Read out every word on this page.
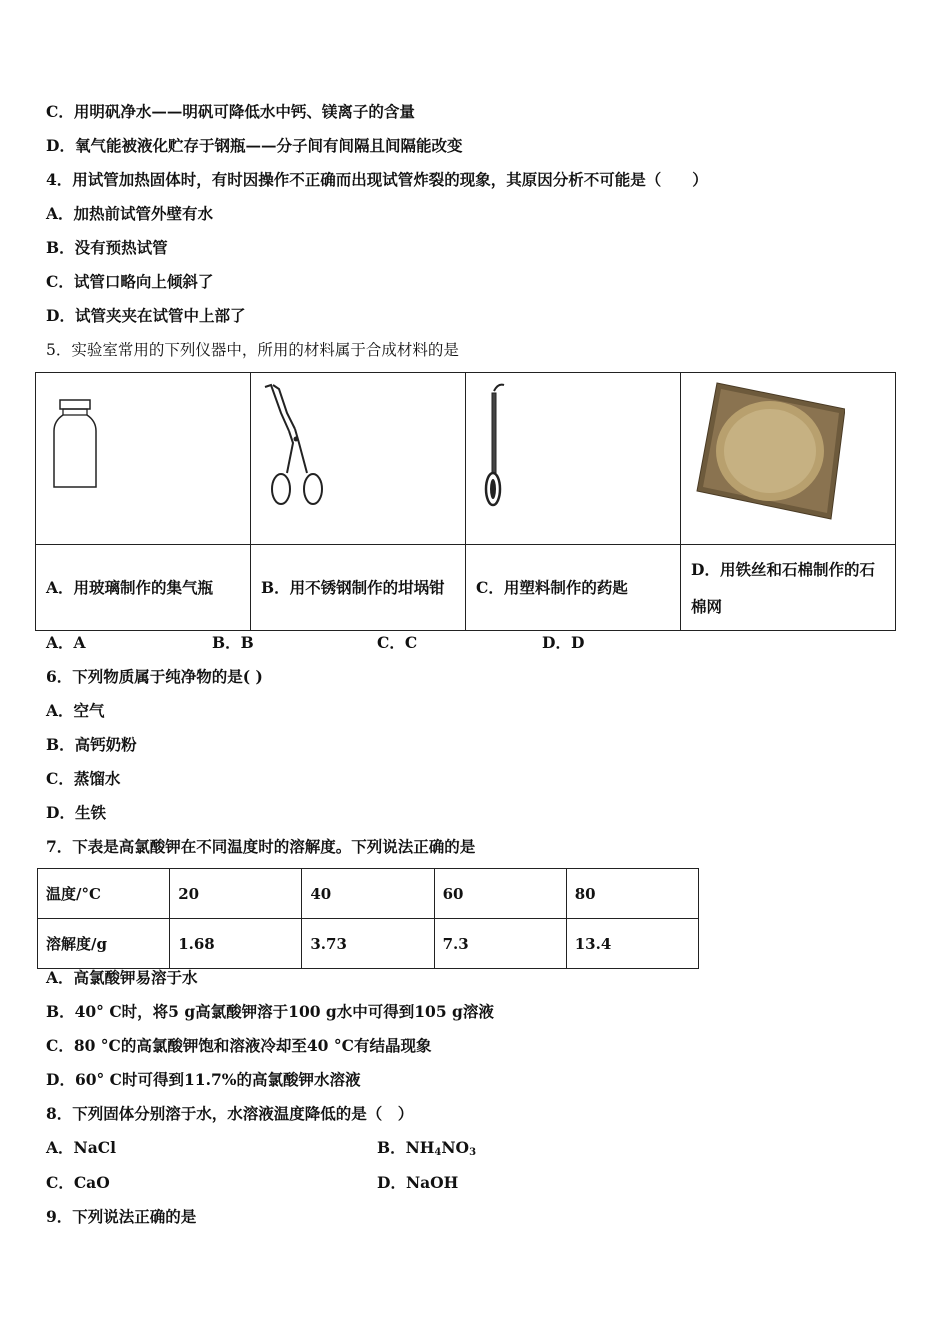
C．用明矾净水——明矾可降低水中钙、镁离子的含量
D．氧气能被液化贮存于钢瓶——分子间有间隔且间隔能改变
4．用试管加热固体时，有时因操作不正确而出现试管炸裂的现象，其原因分析不可能是（　　）
A．加热前试管外壁有水
B．没有预热试管
C．试管口略向上倾斜了
D．试管夹夹在试管中上部了
5．实验室常用的下列仪器中，所用的材料属于合成材料的是

A．用玻璃制作的集气瓶	B．用不锈钢制作的坩埚钳	C．用塑料制作的药匙	D．用铁丝和石棉制作的石棉网
A．A	B．B	C．C	D．D
6．下列物质属于纯净物的是( )
A．空气
B．高钙奶粉
C．蒸馏水
D．生铁
7．下表是高氯酸钾在不同温度时的溶解度。下列说法正确的是
温度/°C	20	40	60	80
溶解度/g	1.68	3.73	7.3	13.4
A．高氯酸钾易溶于水
B．40° C时，将5 g高氯酸钾溶于100 g水中可得到105 g溶液
C．80 °C的高氯酸钾饱和溶液冷却至40 °C有结晶现象
D．60° C时可得到11.7%的高氯酸钾水溶液
8．下列固体分别溶于水，水溶液温度降低的是（　）
A．NaCl	B．$NH_4NO_3$
C．CaO	D．NaOH
9．下列说法正确的是
